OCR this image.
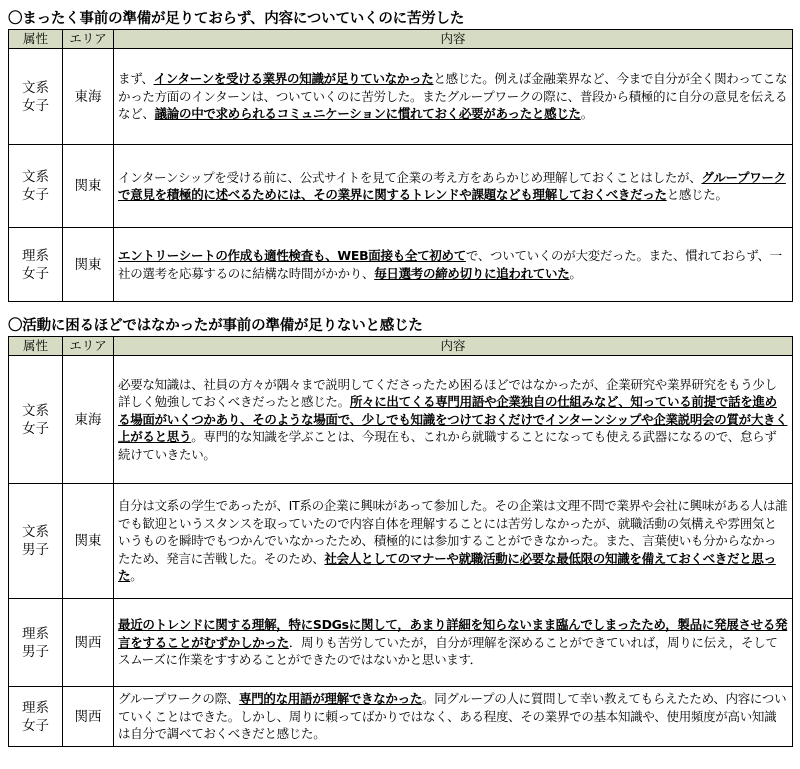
〇まったく事前の準備が足りておらず、内容についていくのに苦労した
属性	エリア	内容

文系
女子	東海	まず、インターンを受ける業界の知識が足りていなかったと感じた。例えば金融業界など、今まで自分が全く関わってこなかった方面のインターンは、ついていくのに苦労した。またグループワークの際に、普段から積極的に自分の意見を伝えるなど、議論の中で求められるコミュニケーションに慣れておく必要があったと感じた。

文系
女子	関東	インターンシップを受ける前に、公式サイトを見て企業の考え方をあらかじめ理解しておくことはしたが、グループワークで意見を積極的に述べるためには、その業界に関するトレンドや課題なども理解しておくべきだったと感じた。

理系
女子	関東	エントリーシートの作成も適性検査も、WEB面接も全て初めてで、ついていくのが大変だった。また、慣れておらず、一社の選考を応募するのに結構な時間がかかり、毎日選考の締め切りに追われていた。
〇活動に困るほどではなかったが事前の準備が足りないと感じた
属性	エリア	内容

文系
女子	東海	必要な知識は、社員の方々が隅々まで説明してくださったため困るほどではなかったが、企業研究や業界研究をもう少し詳しく勉強しておくべきだったと感じた。所々に出てくる専門用語や企業独自の仕組みなど、知っている前提で話を進める場面がいくつかあり、そのような場面で、少しでも知識をつけておくだけでインターンシップや企業説明会の質が大きく上がると思う。専門的な知識を学ぶことは、今現在も、これから就職することになっても使える武器になるので、怠らず続けていきたい。

文系
男子	関東	自分は文系の学生であったが、IT系の企業に興味があって参加した。その企業は文理不問で業界や会社に興味がある人は誰でも歓迎というスタンスを取っていたので内容自体を理解することには苦労しなかったが、就職活動の気構えや雰囲気というものを瞬時でもつかんでいなかったため、積極的には参加することができなかった。また、言葉使いも分からなかったため、発言に苦戦した。そのため、社会人としてのマナーや就職活動に必要な最低限の知識を備えておくべきだと思った。

理系
男子	関西	最近のトレンドに関する理解，特にSDGsに関して，あまり詳細を知らないまま臨んでしまったため，製品に発展させる発言をすることがむずかしかった．周りも苦労していたが，自分が理解を深めることができていれば，周りに伝え，そしてスムーズに作業をすすめることができたのではないかと思います．

理系
女子	関西	グループワークの際、専門的な用語が理解できなかった。同グループの人に質問して幸い教えてもらえたため、内容についていくことはできた。しかし、周りに頼ってばかりではなく、ある程度、その業界での基本知識や、使用頻度が高い知識は自分で調べておくべきだと感じた。
